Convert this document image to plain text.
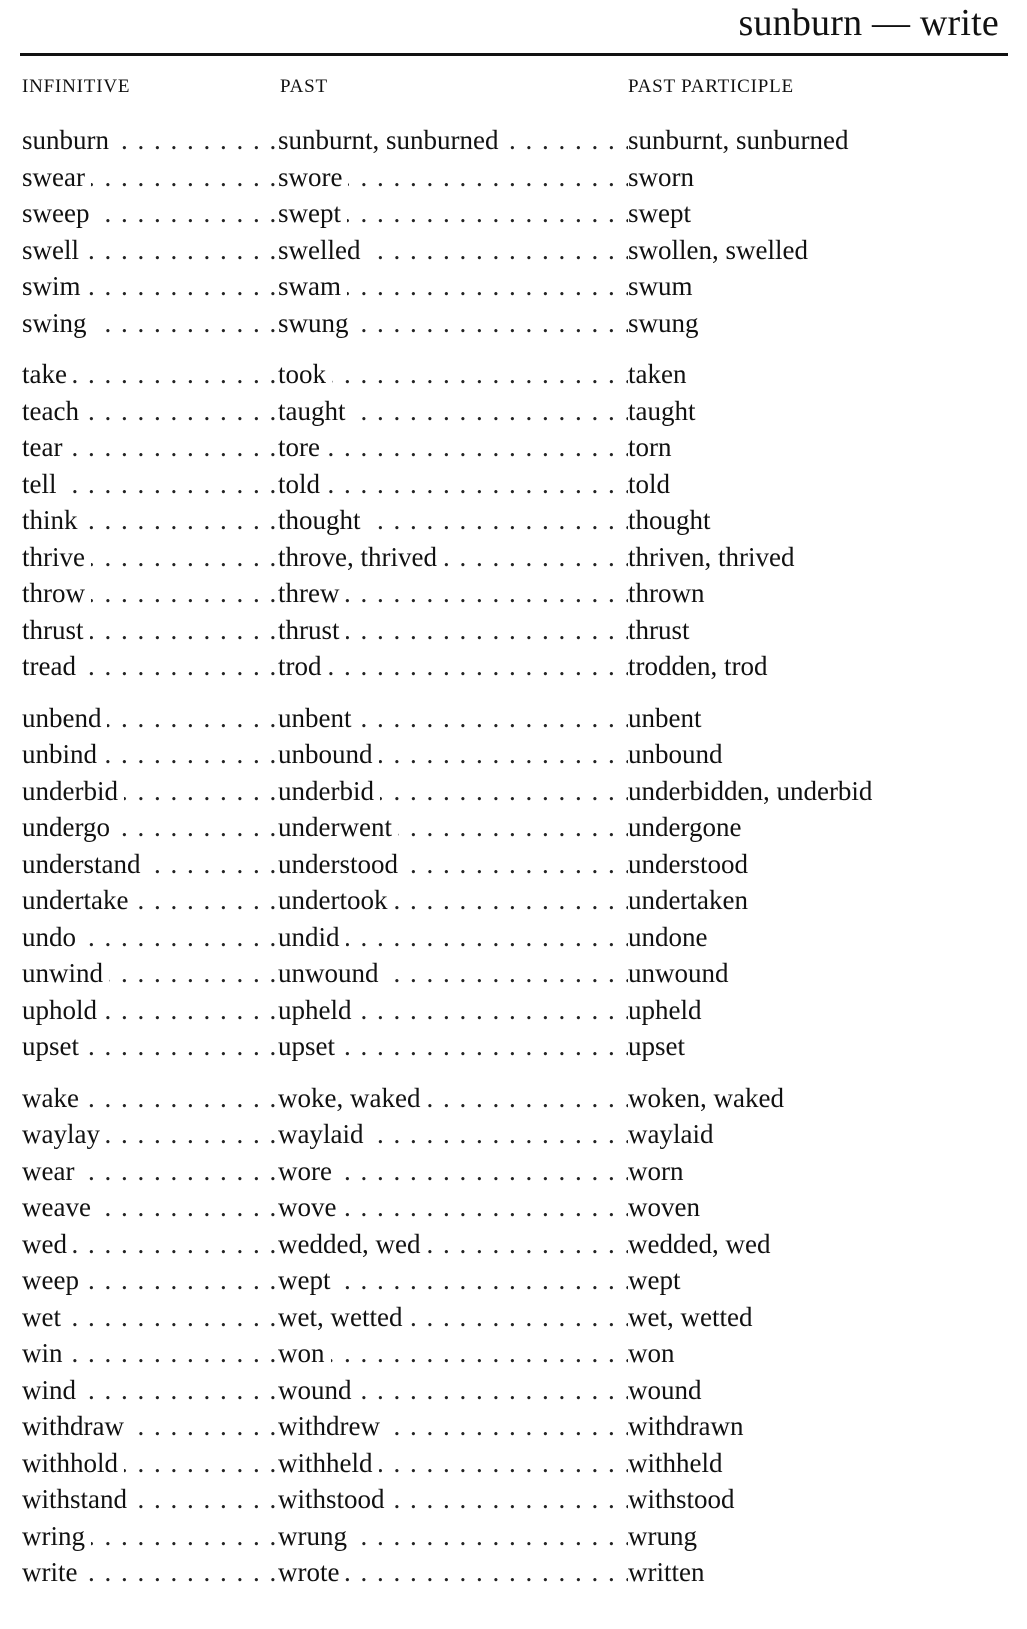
sunburn — write
INFINITIVE	PAST	PAST PARTICIPLE
sunburn . . .	sunburnt, sunburned . . .	sunburnt, sunburned
swear . . .	swore . . .	sworn
sweep . . .	swept . . .	swept
swell . . .	swelled . . .	swollen, swelled
swim . . .	swam . . .	swum
swing . . .	swung . . .	swung
take . . .	took . . .	taken
teach . . .	taught . . .	taught
tear . . .	tore . . .	torn
tell . . .	told . . .	told
think . . .	thought . . .	thought
thrive . . .	throve, thrived . . .	thriven, thrived
throw . . .	threw . . .	thrown
thrust . . .	thrust . . .	thrust
tread . . .	trod . . .	trodden, trod
unbend . . .	unbent . . .	unbent
unbind . . .	unbound . . .	unbound
underbid . . .	underbid . . .	underbidden, underbid
undergo . . .	underwent . . .	undergone
understand . . .	understood . . .	understood
undertake . . .	undertook . . .	undertaken
undo . . .	undid . . .	undone
unwind . . .	unwound . . .	unwound
uphold . . .	upheld . . .	upheld
upset . . .	upset . . .	upset
wake . . .	woke, waked . . .	woken, waked
waylay . . .	waylaid . . .	waylaid
wear . . .	wore . . .	worn
weave . . .	wove . . .	woven
wed . . .	wedded, wed . . .	wedded, wed
weep . . .	wept . . .	wept
wet . . .	wet, wetted . . .	wet, wetted
win . . .	won . . .	won
wind . . .	wound . . .	wound
withdraw . . .	withdrew . . .	withdrawn
withhold . . .	withheld . . .	withheld
withstand . . .	withstood . . .	withstood
wring . . .	wrung . . .	wrung
write . . .	wrote . . .	written
